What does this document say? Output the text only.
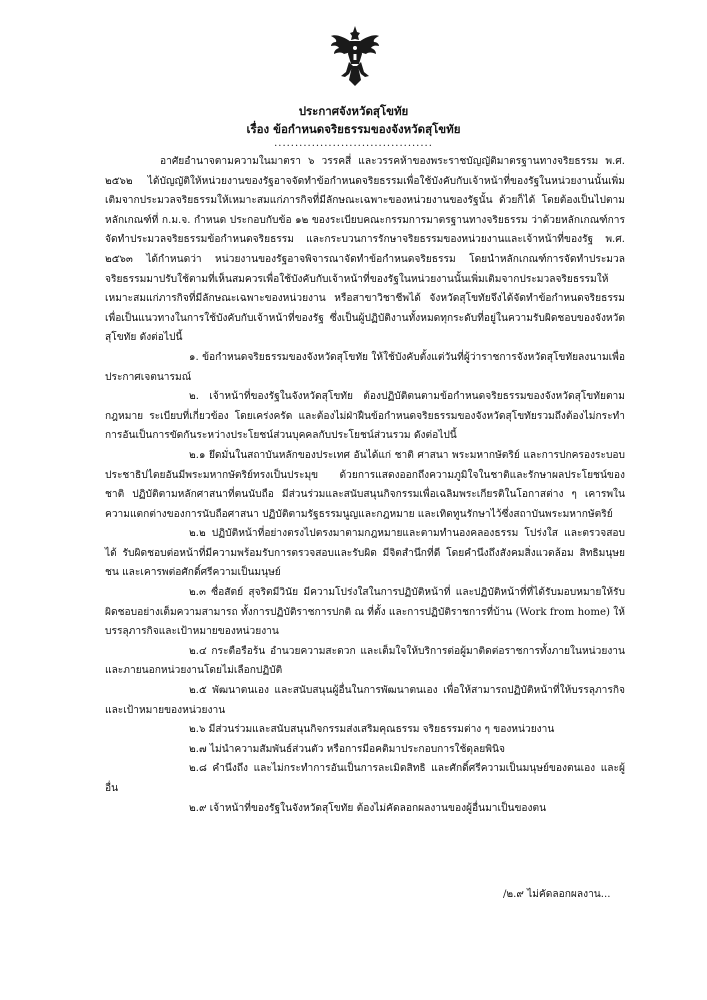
ประกาศจังหวัดสุโขทัย
เรื่อง ข้อกำหนดจริยธรรมของจังหวัดสุโขทัย
......................................

อาศัยอำนาจตามความในมาตรา ๖ วรรคสี่ และวรรคห้าของพระราชบัญญัติมาตรฐานทางจริยธรรม พ.ศ. ๒๕๖๒ ได้บัญญัติให้หน่วยงานของรัฐอาจจัดทำข้อกำหนดจริยธรรมเพื่อใช้บังคับกับเจ้าหน้าที่ของรัฐในหน่วยงานนั้นเพิ่มเติมจากประมวลจริยธรรมให้เหมาะสมแก่ภารกิจที่มีลักษณะเฉพาะของหน่วยงานของรัฐนั้น ด้วยก็ได้ โดยต้องเป็นไปตามหลักเกณฑ์ที่ ก.ม.จ. กำหนด ประกอบกับข้อ ๑๒ ของระเบียบคณะกรรมการมาตรฐานทางจริยธรรม ว่าด้วยหลักเกณฑ์การจัดทำประมวลจริยธรรมข้อกำหนดจริยธรรม และกระบวนการรักษาจริยธรรมของหน่วยงานและเจ้าหน้าที่ของรัฐ พ.ศ. ๒๕๖๓ ได้กำหนดว่า หน่วยงานของรัฐอาจพิจารณาจัดทำข้อกำหนดจริยธรรม โดยนำหลักเกณฑ์การจัดทำประมวลจริยธรรมมาปรับใช้ตามที่เห็นสมควรเพื่อใช้บังคับกับเจ้าหน้าที่ของรัฐในหน่วยงานนั้นเพิ่มเติมจากประมวลจริยธรรมให้เหมาะสมแก่ภารกิจที่มีลักษณะเฉพาะของหน่วยงาน หรือสาขาวิชาชีพได้ จังหวัดสุโขทัยจึงได้จัดทำข้อกำหนดจริยธรรมเพื่อเป็นแนวทางในการใช้บังคับกับเจ้าหน้าที่ของรัฐ ซึ่งเป็นผู้ปฏิบัติงานทั้งหมดทุกระดับที่อยู่ในความรับผิดชอบของจังหวัดสุโขทัย ดังต่อไปนี้

๑. ข้อกำหนดจริยธรรมของจังหวัดสุโขทัย ให้ใช้บังคับตั้งแต่วันที่ผู้ว่าราชการจังหวัดสุโขทัยลงนามเพื่อประกาศเจตนารมณ์

๒. เจ้าหน้าที่ของรัฐในจังหวัดสุโขทัย ต้องปฏิบัติตนตามข้อกำหนดจริยธรรมของจังหวัดสุโขทัยตามกฎหมาย ระเบียบที่เกี่ยวข้อง โดยเคร่งครัด และต้องไม่ฝ่าฝืนข้อกำหนดจริยธรรมของจังหวัดสุโขทัยรวมถึงต้องไม่กระทำการอันเป็นการขัดกันระหว่างประโยชน์ส่วนบุคคลกับประโยชน์ส่วนรวม ดังต่อไปนี้

๒.๑ ยึดมั่นในสถาบันหลักของประเทศ อันได้แก่ ชาติ ศาสนา พระมหากษัตริย์ และการปกครองระบอบประชาธิปไตยอันมีพระมหากษัตริย์ทรงเป็นประมุข ด้วยการแสดงออกถึงความภูมิใจในชาติและรักษาผลประโยชน์ของชาติ ปฏิบัติตามหลักศาสนาที่ตนนับถือ มีส่วนร่วมและสนับสนุนกิจกรรมเพื่อเฉลิมพระเกียรติในโอกาสต่าง ๆ เคารพในความแตกต่างของการนับถือศาสนา ปฏิบัติตามรัฐธรรมนูญและกฎหมาย และเทิดทูนรักษาไว้ซึ่งสถาบันพระมหากษัตริย์

๒.๒ ปฏิบัติหน้าที่อย่างตรงไปตรงมาตามกฎหมายและตามทำนองคลองธรรม โปร่งใส และตรวจสอบได้ รับผิดชอบต่อหน้าที่มีความพร้อมรับการตรวจสอบและรับผิด มีจิตสำนึกที่ดี โดยคำนึงถึงสังคมสิ่งแวดล้อม สิทธิมนุษยชน และเคารพต่อศักดิ์ศรีความเป็นมนุษย์

๒.๓ ซื่อสัตย์ สุจริตมีวินัย มีความโปร่งใสในการปฏิบัติหน้าที่ และปฏิบัติหน้าที่ที่ได้รับมอบหมายให้รับผิดชอบอย่างเต็มความสามารถ ทั้งการปฏิบัติราชการปกติ ณ ที่ตั้ง และการปฏิบัติราชการที่บ้าน (Work from home) ให้บรรลุภารกิจและเป้าหมายของหน่วยงาน

๒.๔ กระตือรือร้น อำนวยความสะดวก และเต็มใจให้บริการต่อผู้มาติดต่อราชการทั้งภายในหน่วยงานและภายนอกหน่วยงานโดยไม่เลือกปฏิบัติ

๒.๕ พัฒนาตนเอง และสนับสนุนผู้อื่นในการพัฒนาตนเอง เพื่อให้สามารถปฏิบัติหน้าที่ให้บรรลุภารกิจและเป้าหมายของหน่วยงาน

๒.๖ มีส่วนร่วมและสนับสนุนกิจกรรมส่งเสริมคุณธรรม จริยธรรมต่าง ๆ ของหน่วยงาน

๒.๗ ไม่นำความสัมพันธ์ส่วนตัว หรือการมีอคติมาประกอบการใช้ดุลยพินิจ

๒.๘ คำนึงถึง และไม่กระทำการอันเป็นการละเมิดสิทธิ และศักดิ์ศรีความเป็นมนุษย์ของตนเอง และผู้อื่น

๒.๙ เจ้าหน้าที่ของรัฐในจังหวัดสุโขทัย ต้องไม่คัดลอกผลงานของผู้อื่นมาเป็นของตน

/๒.๙ ไม่คัดลอกผลงาน...
